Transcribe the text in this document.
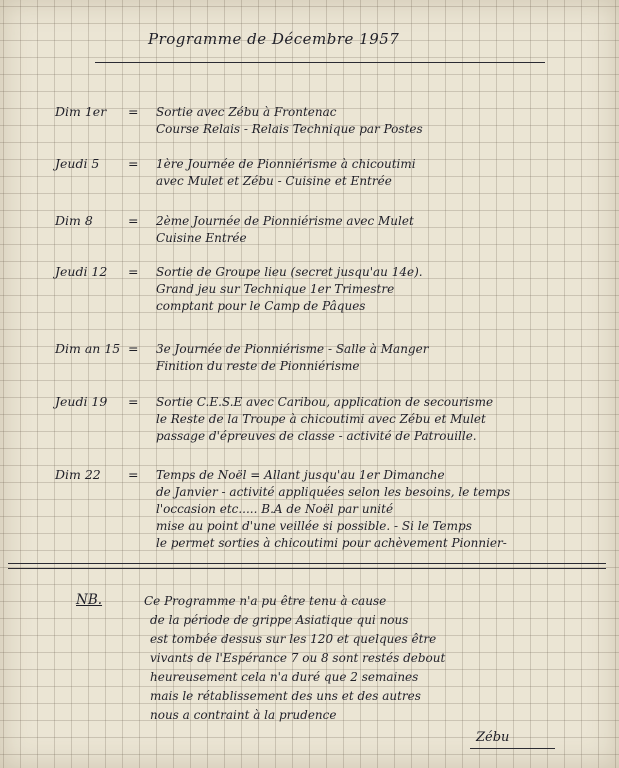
Programme de Décembre 1957
Dim 1er = Sortie avec Zébu à Frontenac
Course Relais - Relais Technique par Postes
Jeudi 5 = 1ère Journée de Pionniérisme à chicoutimi
avec Mulet et Zébu - Cuisine et Entrée
Dim 8	= 2ème Journée de Pionniérisme avec Mulet
Cuisine Entrée
Jeudi 12 = Sortie de Groupe lieu (secret jusqu'au 14e).
Grand jeu sur Technique 1er Trimestre
comptant pour le Camp de Pâques
Dim an 15 = 3e Journée de Pionniérisme - Salle à Manger
Finition du reste de Pionniérisme
Jeudi 19 = Sortie C.E.S.E avec Caribou, application de secourisme
le Reste de la Troupe à chicoutimi avec Zébu et Mulet
passage d'épreuves de classe - activité de Patrouille.
Dim 22 = Temps de Noël = Allant jusqu'au 1er Dimanche
de Janvier - activité appliquées selon les besoins, le temps
l'occasion etc..... B.A de Noël par unité
mise au point d'une veillée si possible. - Si le Temps
le permet sorties à chicoutimi pour achèvement Pionnier-
NB.	Ce Programme n'a pu être tenu à cause
de la période de grippe Asiatique qui nous
est tombée dessus sur les 120 et quelques être
vivants de l'Espérance 7 ou 8 sont restés debout
heureusement cela n'a duré que 2 semaines
mais le rétablissement des uns et des autres
nous a contraint à la prudence
Zébu
